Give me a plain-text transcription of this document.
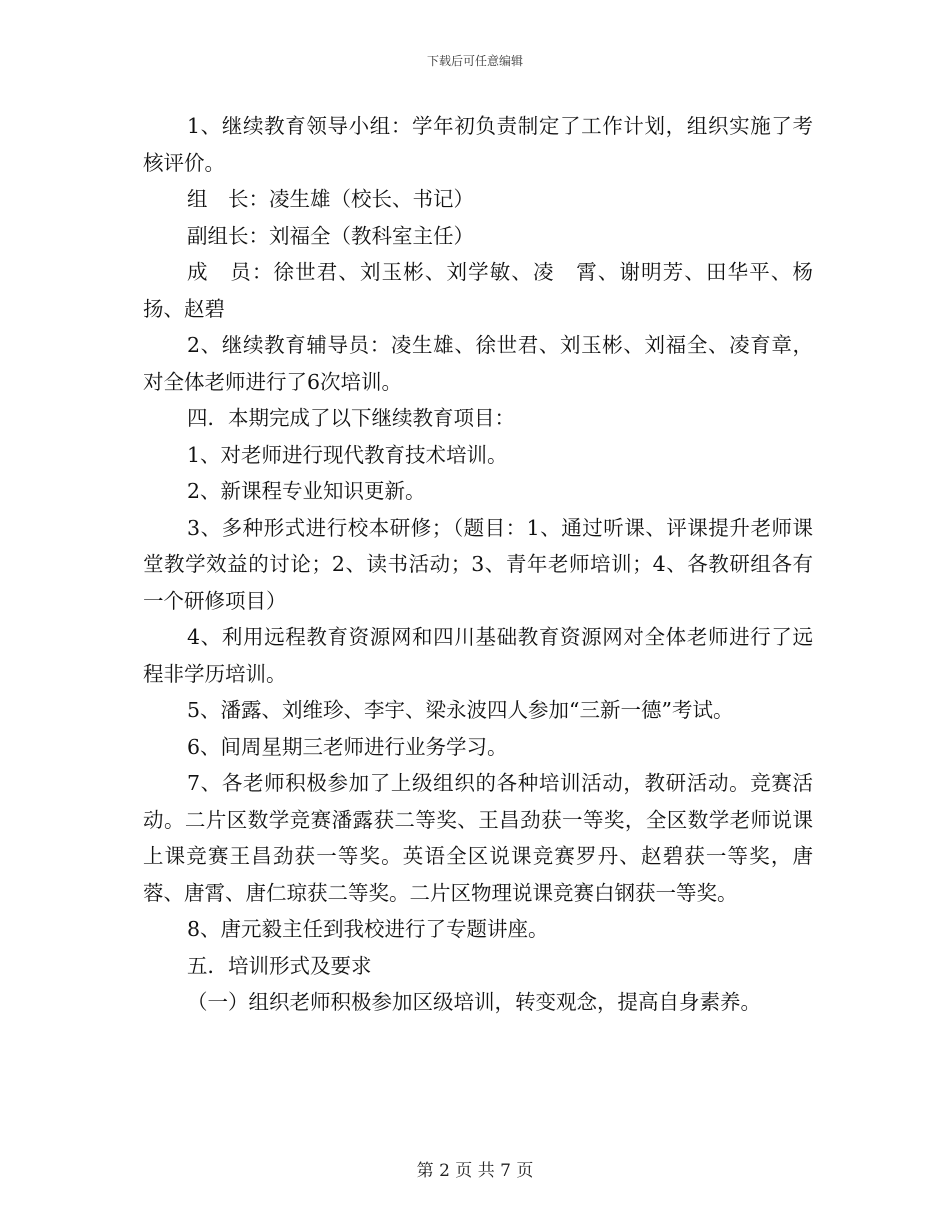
下载后可任意编辑

1、继续教育领导小组：学年初负责制定了工作计划，组织实施了考核评价。

组　长：凌生雄（校长、书记）

副组长：刘福全（教科室主任）

成　员：徐世君、刘玉彬、刘学敏、凌　霄、谢明芳、田华平、杨扬、赵碧

2、继续教育辅导员：凌生雄、徐世君、刘玉彬、刘福全、凌育章，对全体老师进行了6次培训。

四．本期完成了以下继续教育项目：

1、对老师进行现代教育技术培训。

2、新课程专业知识更新。

3、多种形式进行校本研修；（题目：1、通过听课、评课提升老师课堂教学效益的讨论；2、读书活动；3、青年老师培训；4、各教研组各有一个研修项目）

4、利用远程教育资源网和四川基础教育资源网对全体老师进行了远程非学历培训。

5、潘露、刘维珍、李宇、梁永波四人参加“三新一德”考试。

6、间周星期三老师进行业务学习。

7、各老师积极参加了上级组织的各种培训活动，教研活动。竞赛活动。二片区数学竞赛潘露获二等奖、王昌劲获一等奖，全区数学老师说课上课竞赛王昌劲获一等奖。英语全区说课竞赛罗丹、赵碧获一等奖，唐蓉、唐霄、唐仁琼获二等奖。二片区物理说课竞赛白钢获一等奖。

8、唐元毅主任到我校进行了专题讲座。

五．培训形式及要求

（一）组织老师积极参加区级培训，转变观念，提高自身素养。

第 2 页 共 7 页
